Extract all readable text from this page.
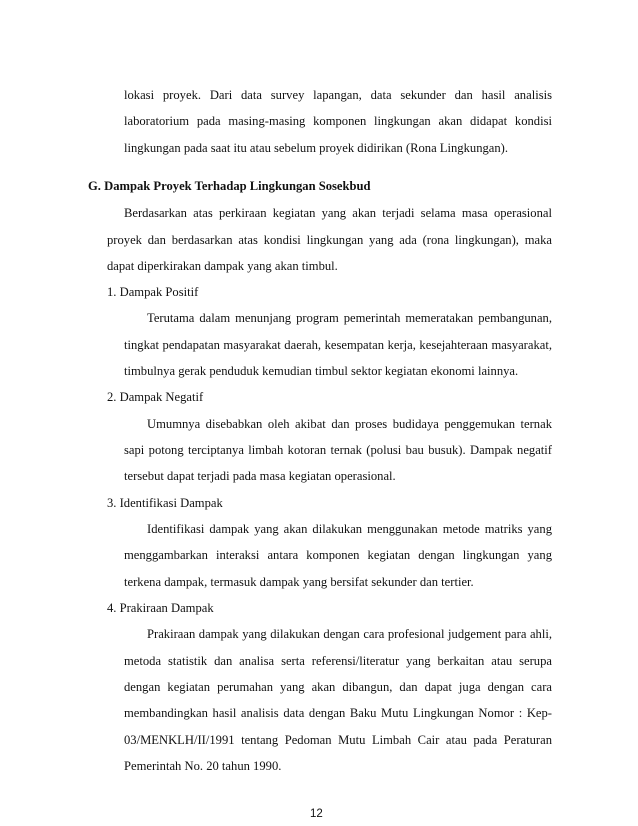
lokasi proyek. Dari data survey lapangan, data sekunder dan hasil analisis
laboratorium pada masing-masing komponen lingkungan akan didapat kondisi
lingkungan pada saat itu atau sebelum proyek didirikan (Rona Lingkungan).
G. Dampak Proyek Terhadap Lingkungan Sosekbud
Berdasarkan atas perkiraan kegiatan yang akan terjadi selama masa operasional
proyek dan berdasarkan atas kondisi lingkungan yang ada (rona lingkungan), maka
dapat diperkirakan dampak yang akan timbul.
1. Dampak Positif
Terutama dalam menunjang program pemerintah memeratakan pembangunan,
tingkat pendapatan masyarakat daerah, kesempatan kerja, kesejahteraan masyarakat,
timbulnya gerak penduduk kemudian timbul sektor kegiatan ekonomi lainnya.
2. Dampak Negatif
Umumnya disebabkan oleh akibat dan proses budidaya penggemukan ternak
sapi potong terciptanya limbah kotoran ternak (polusi bau busuk). Dampak negatif
tersebut dapat terjadi pada masa kegiatan operasional.
3. Identifikasi Dampak
Identifikasi dampak yang akan dilakukan menggunakan metode matriks yang
menggambarkan interaksi antara komponen kegiatan dengan lingkungan yang
terkena dampak, termasuk dampak yang bersifat sekunder dan tertier.
4. Prakiraan Dampak
Prakiraan dampak yang dilakukan dengan cara profesional judgement para ahli,
metoda statistik dan analisa serta referensi/literatur yang berkaitan atau serupa
dengan kegiatan perumahan yang akan dibangun, dan dapat juga dengan cara
membandingkan hasil analisis data dengan Baku Mutu Lingkungan Nomor : Kep-
03/MENKLH/II/1991 tentang Pedoman Mutu Limbah Cair atau pada Peraturan
Pemerintah No. 20 tahun 1990.
12
